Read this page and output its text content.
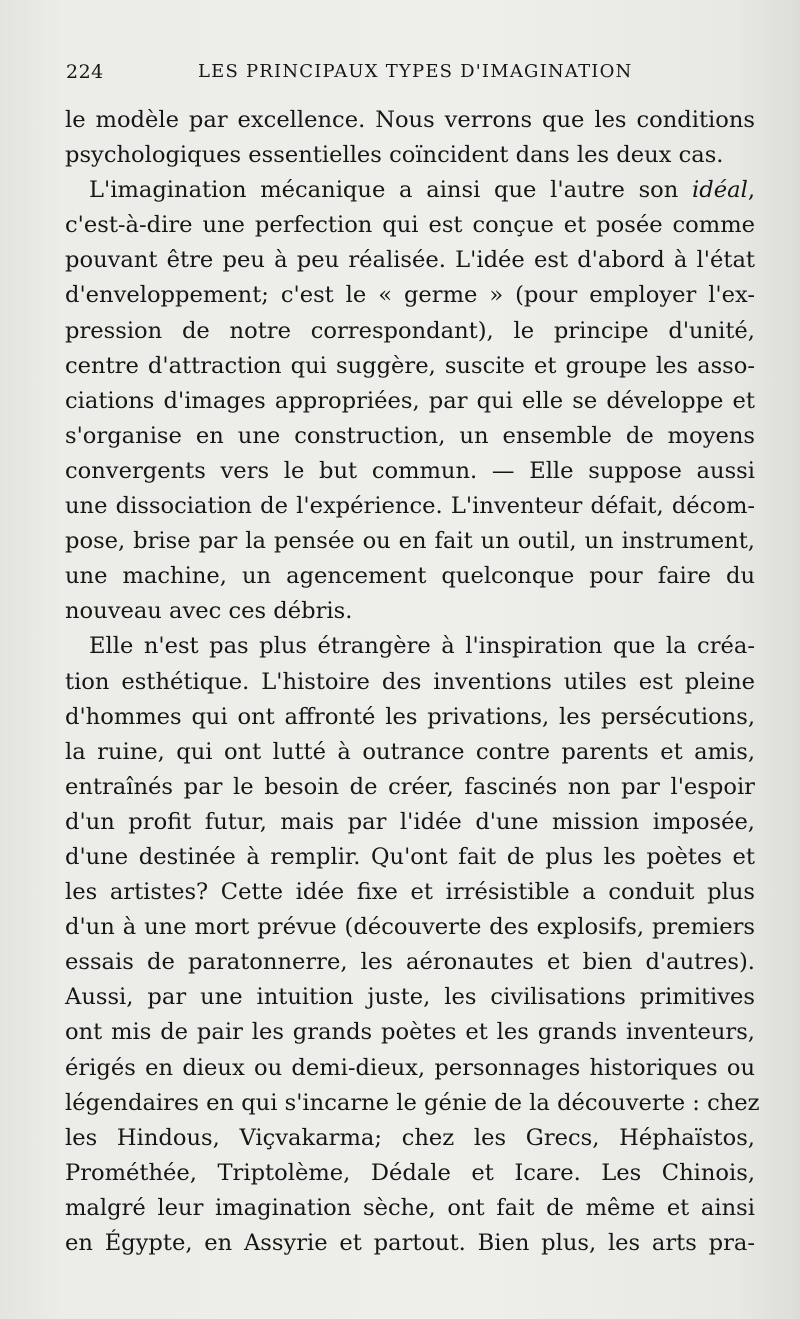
224	LES PRINCIPAUX TYPES D'IMAGINATION
le modèle par excellence. Nous verrons que les conditions
psychologiques essentielles coïncident dans les deux cas.
L'imagination mécanique a ainsi que l'autre son idéal,
c'est-à-dire une perfection qui est conçue et posée comme
pouvant être peu à peu réalisée. L'idée est d'abord à l'état
d'enveloppement; c'est le « germe » (pour employer l'ex-
pression de notre correspondant), le principe d'unité,
centre d'attraction qui suggère, suscite et groupe les asso-
ciations d'images appropriées, par qui elle se développe et
s'organise en une construction, un ensemble de moyens
convergents vers le but commun. — Elle suppose aussi
une dissociation de l'expérience. L'inventeur défait, décom-
pose, brise par la pensée ou en fait un outil, un instrument,
une machine, un agencement quelconque pour faire du
nouveau avec ces débris.
Elle n'est pas plus étrangère à l'inspiration que la créa-
tion esthétique. L'histoire des inventions utiles est pleine
d'hommes qui ont affronté les privations, les persécutions,
la ruine, qui ont lutté à outrance contre parents et amis,
entraînés par le besoin de créer, fascinés non par l'espoir
d'un profit futur, mais par l'idée d'une mission imposée,
d'une destinée à remplir. Qu'ont fait de plus les poètes et
les artistes? Cette idée fixe et irrésistible a conduit plus
d'un à une mort prévue (découverte des explosifs, premiers
essais de paratonnerre, les aéronautes et bien d'autres).
Aussi, par une intuition juste, les civilisations primitives
ont mis de pair les grands poètes et les grands inventeurs,
érigés en dieux ou demi-dieux, personnages historiques ou
légendaires en qui s'incarne le génie de la découverte : chez
les Hindous, Viçvakarma; chez les Grecs, Héphaïstos,
Prométhée, Triptolème, Dédale et Icare. Les Chinois,
malgré leur imagination sèche, ont fait de même et ainsi
en Égypte, en Assyrie et partout. Bien plus, les arts pra-
